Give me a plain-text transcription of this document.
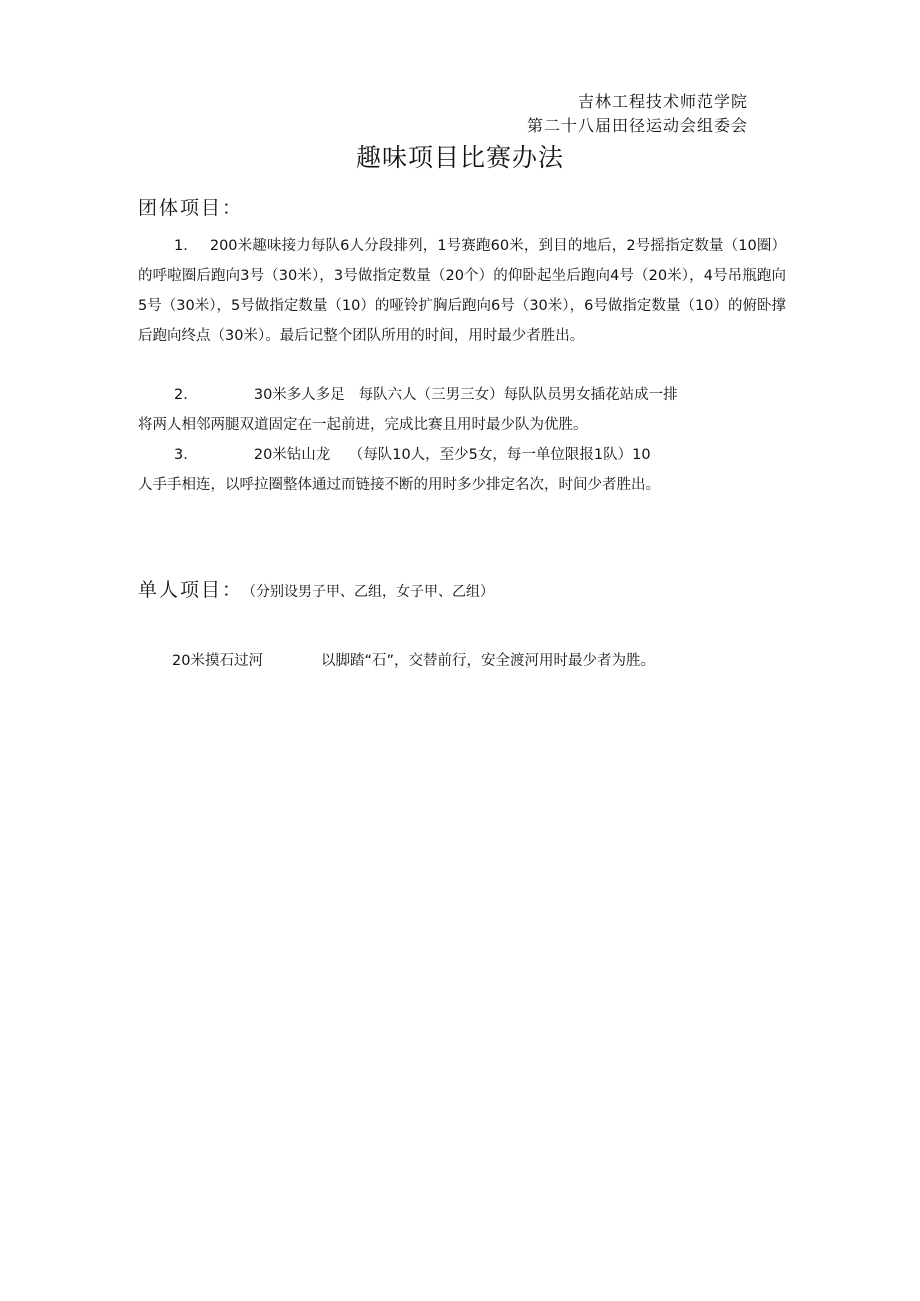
吉林工程技术师范学院
第二十八届田径运动会组委会
趣味项目比赛办法
团体项目：
1. 200米趣味接力每队6人分段排列，1号赛跑60米，到目的地后，2号摇指定数量（10圈）的呼啦圈后跑向3号（30米），3号做指定数量（20个）的仰卧起坐后跑向4号（20米），4号吊瓶跑向5号（30米），5号做指定数量（10）的哑铃扩胸后跑向6号（30米），6号做指定数量（10）的俯卧撑后跑向终点（30米）。最后记整个团队所用的时间，用时最少者胜出。
2.	30米多人多足 每队六人（三男三女）每队队员男女插花站成一排
将两人相邻两腿双道固定在一起前进，完成比赛且用时最少队为优胜。
3.	20米钻山龙 （每队10人，至少5女，每一单位限报1队）10
人手手相连，以呼拉圈整体通过而链接不断的用时多少排定名次，时间少者胜出。
单人项目： （分别设男子甲、乙组，女子甲、乙组）
20米摸石过河	以脚踏“石”，交替前行，安全渡河用时最少者为胜。
